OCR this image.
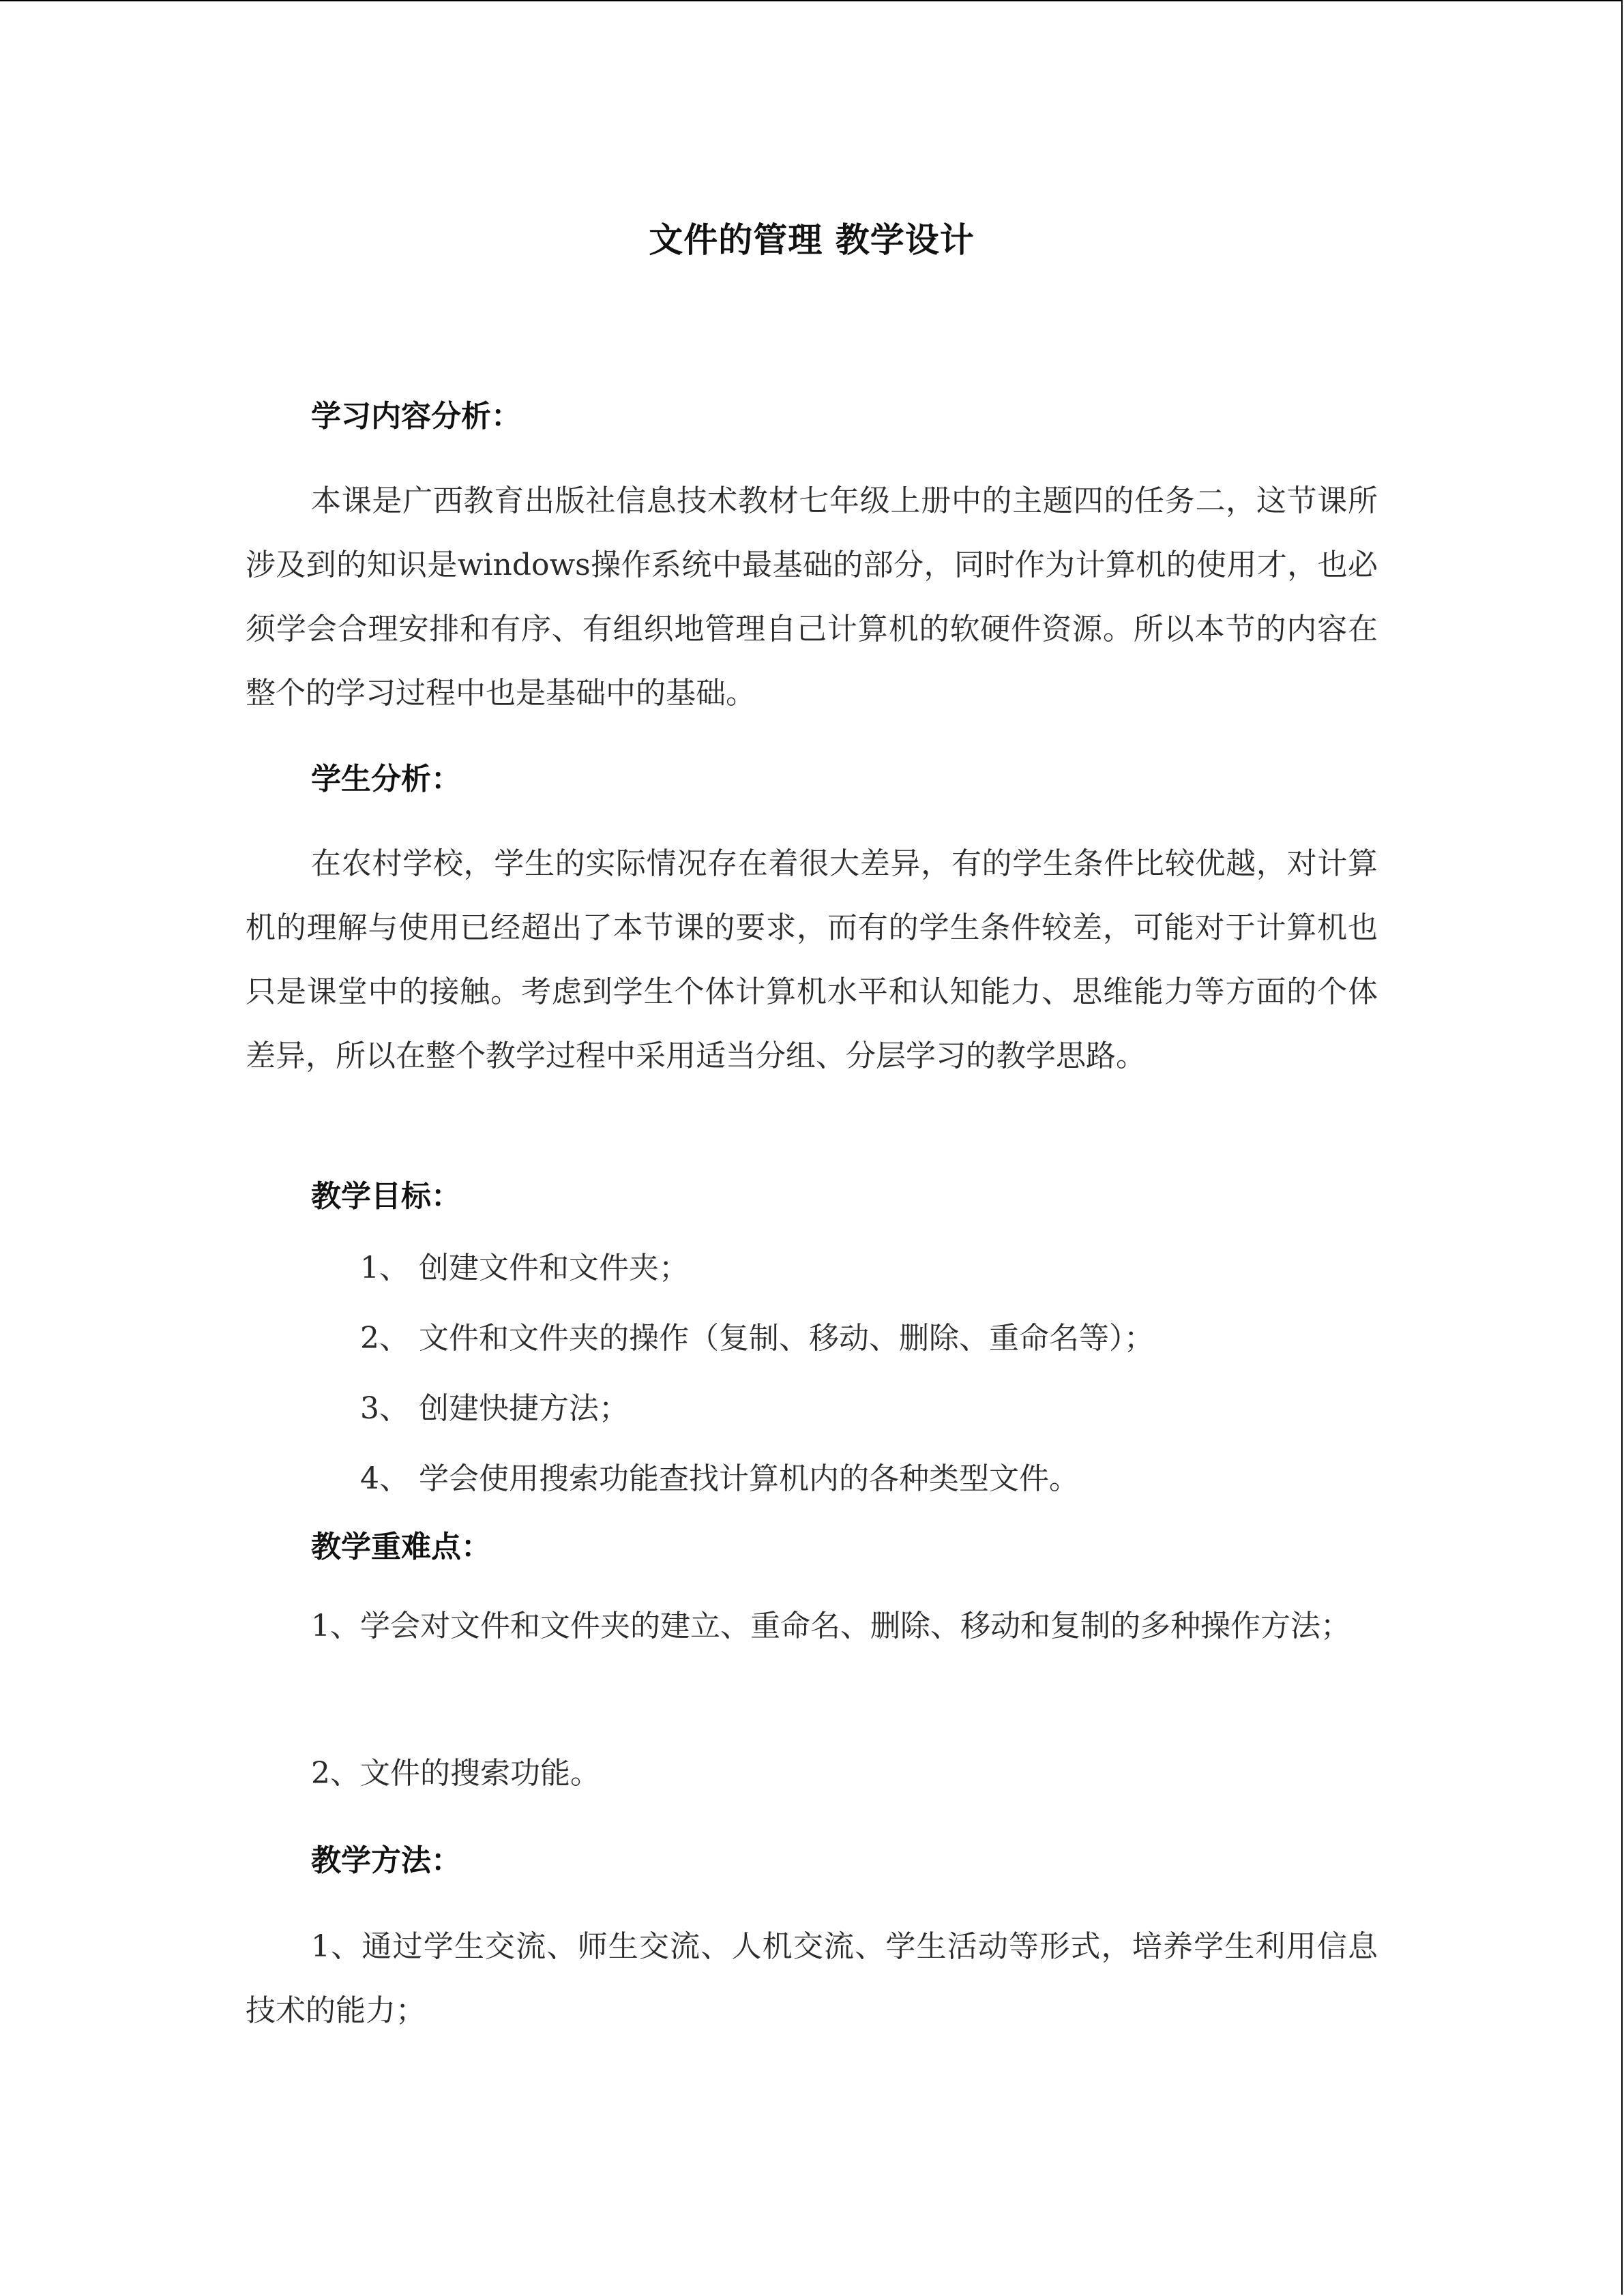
文件的管理 教学设计

学习内容分析：

本课是广西教育出版社信息技术教材七年级上册中的主题四的任务二，这节课所涉及到的知识是windows操作系统中最基础的部分，同时作为计算机的使用才，也必须学会合理安排和有序、有组织地管理自己计算机的软硬件资源。所以本节的内容在整个的学习过程中也是基础中的基础。

学生分析：

在农村学校，学生的实际情况存在着很大差异，有的学生条件比较优越，对计算机的理解与使用已经超出了本节课的要求，而有的学生条件较差，可能对于计算机也只是课堂中的接触。考虑到学生个体计算机水平和认知能力、思维能力等方面的个体差异，所以在整个教学过程中采用适当分组、分层学习的教学思路。

教学目标：

1、 创建文件和文件夹；
2、 文件和文件夹的操作（复制、移动、删除、重命名等）；
3、 创建快捷方法；
4、 学会使用搜索功能查找计算机内的各种类型文件。

教学重难点：

1、学会对文件和文件夹的建立、重命名、删除、移动和复制的多种操作方法；

2、文件的搜索功能。

教学方法：

1、通过学生交流、师生交流、人机交流、学生活动等形式，培养学生利用信息技术的能力；
